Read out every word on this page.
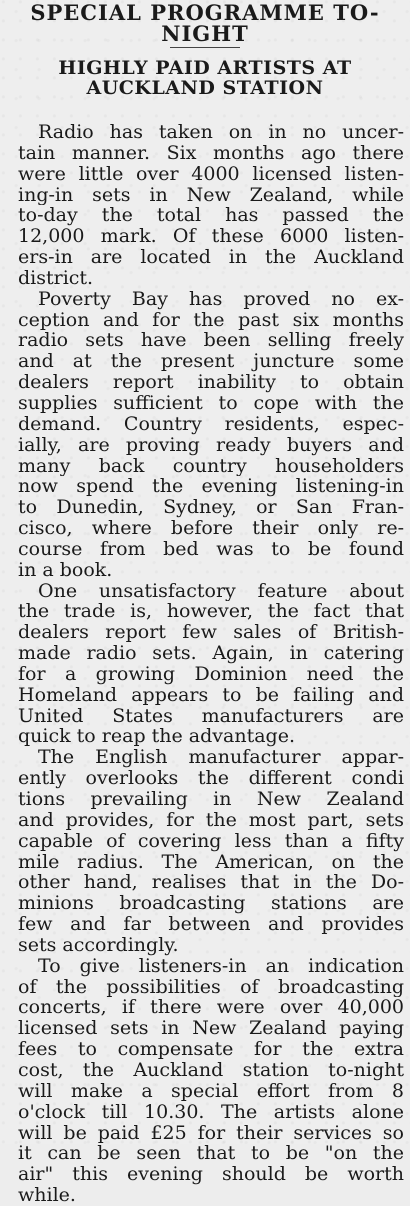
SPECIAL PROGRAMME TO-
NIGHT
HIGHLY PAID ARTISTS AT
AUCKLAND STATION
Radio has taken on in no uncer-
tain manner. Six months ago there
were little over 4000 licensed listen-
ing-in sets in New Zealand, while
to-day the total has passed the
12,000 mark. Of these 6000 listen-
ers-in are located in the Auckland
district.
Poverty Bay has proved no ex-
ception and for the past six months
radio sets have been selling freely
and at the present juncture some
dealers report inability to obtain
supplies sufficient to cope with the
demand. Country residents, espec-
ially, are proving ready buyers and
many back country householders
now spend the evening listening-in
to Dunedin, Sydney, or San Fran-
cisco, where before their only re-
course from bed was to be found
in a book.
One unsatisfactory feature about
the trade is, however, the fact that
dealers report few sales of British-
made radio sets. Again, in catering
for a growing Dominion need the
Homeland appears to be failing and
United States manufacturers are
quick to reap the advantage.
The English manufacturer appar-
ently overlooks the different condi
tions prevailing in New Zealand
and provides, for the most part, sets
capable of covering less than a fifty
mile radius. The American, on the
other hand, realises that in the Do-
minions broadcasting stations are
few and far between and provides
sets accordingly.
To give listeners-in an indication
of the possibilities of broadcasting
concerts, if there were over 40,000
licensed sets in New Zealand paying
fees to compensate for the extra
cost, the Auckland station to-night
will make a special effort from 8
o'clock till 10.30. The artists alone
will be paid £25 for their services so
it can be seen that to be "on the
air" this evening should be worth
while.
